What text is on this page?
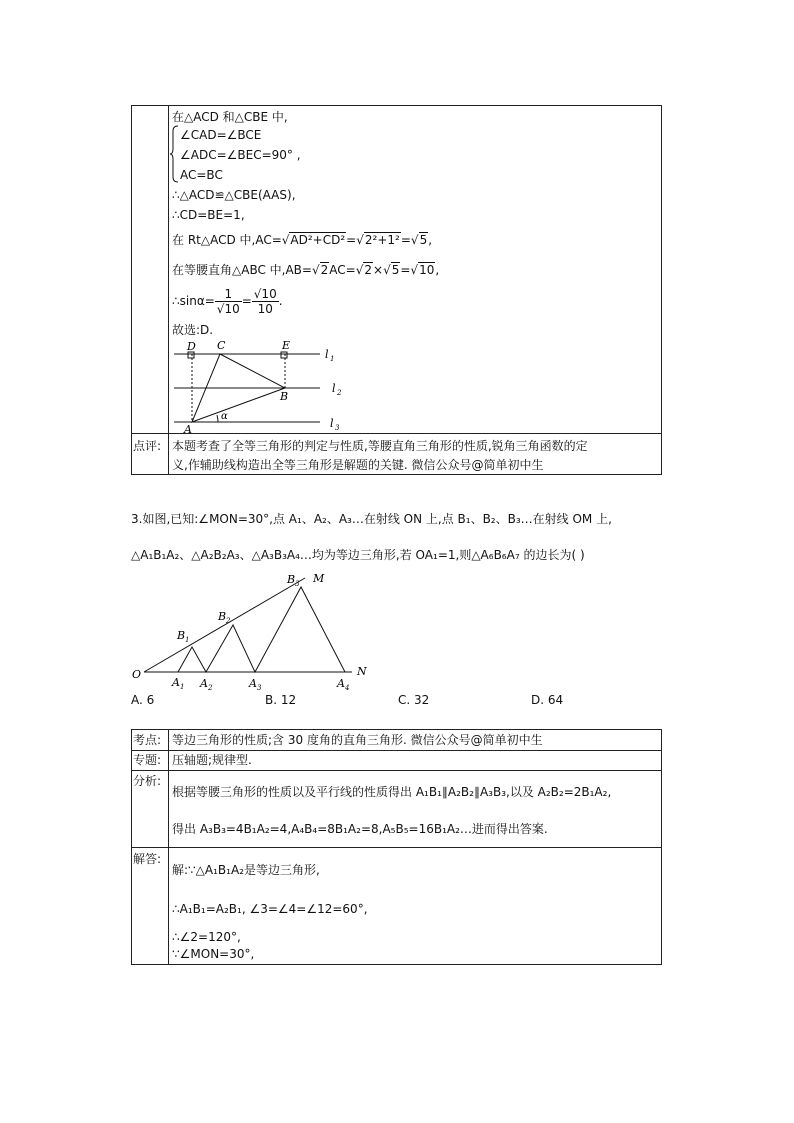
在△ACD 和△CBE 中,
∠CAD=∠BCE
∠ADC=∠BEC=90° ,
AC=BC
∴△ACD≌△CBE(AAS),
∴CD=BE=1,
在 Rt△ACD 中,AC=√AD²+CD²=√2²+1²=√5,
在等腰直角△ABC 中,AB=√2AC=√2×√5=√10,
∴sinα= $\frac{1}{√10} = \frac{√10}{10}$ .
故选:D.
D C	E
B
A
α
l 1
l 2
l 3
点评: 本题考查了全等三角形的判定与性质,等腰直角三角形的性质,锐角三角函数的定
义,作辅助线构造出全等三角形是解题的关键. 微信公众号@简单初中生
3.如图,已知:∠MON=30°,点 A₁、A₂、A₃…在射线 ON 上,点 B₁、B₂、B₃…在射线 OM 上,
△A₁B₁A₂、△A₂B₂A₃、△A₃B₃A₄…均为等边三角形,若 OA₁=1,则△A₆B₆A₇ 的边长为( )
O
M
N
A 1 A 2	A 3	A 4
B 1
B 2
B 3
A. 6	B. 12	C. 32	D. 64
考点: 等边三角形的性质;含 30 度角的直角三角形. 微信公众号@简单初中生
专题: 压轴题;规律型.
分析:
根据等腰三角形的性质以及平行线的性质得出 A₁B₁∥A₂B₂∥A₃B₃,以及 A₂B₂=2B₁A₂,
得出 A₃B₃=4B₁A₂=4,A₄B₄=8B₁A₂=8,A₅B₅=16B₁A₂…进而得出答案.
解答:
解:∵△A₁B₁A₂是等边三角形,
∴A₁B₁=A₂B₁, ∠3=∠4=∠12=60°,
∴∠2=120°,
∵∠MON=30°,
